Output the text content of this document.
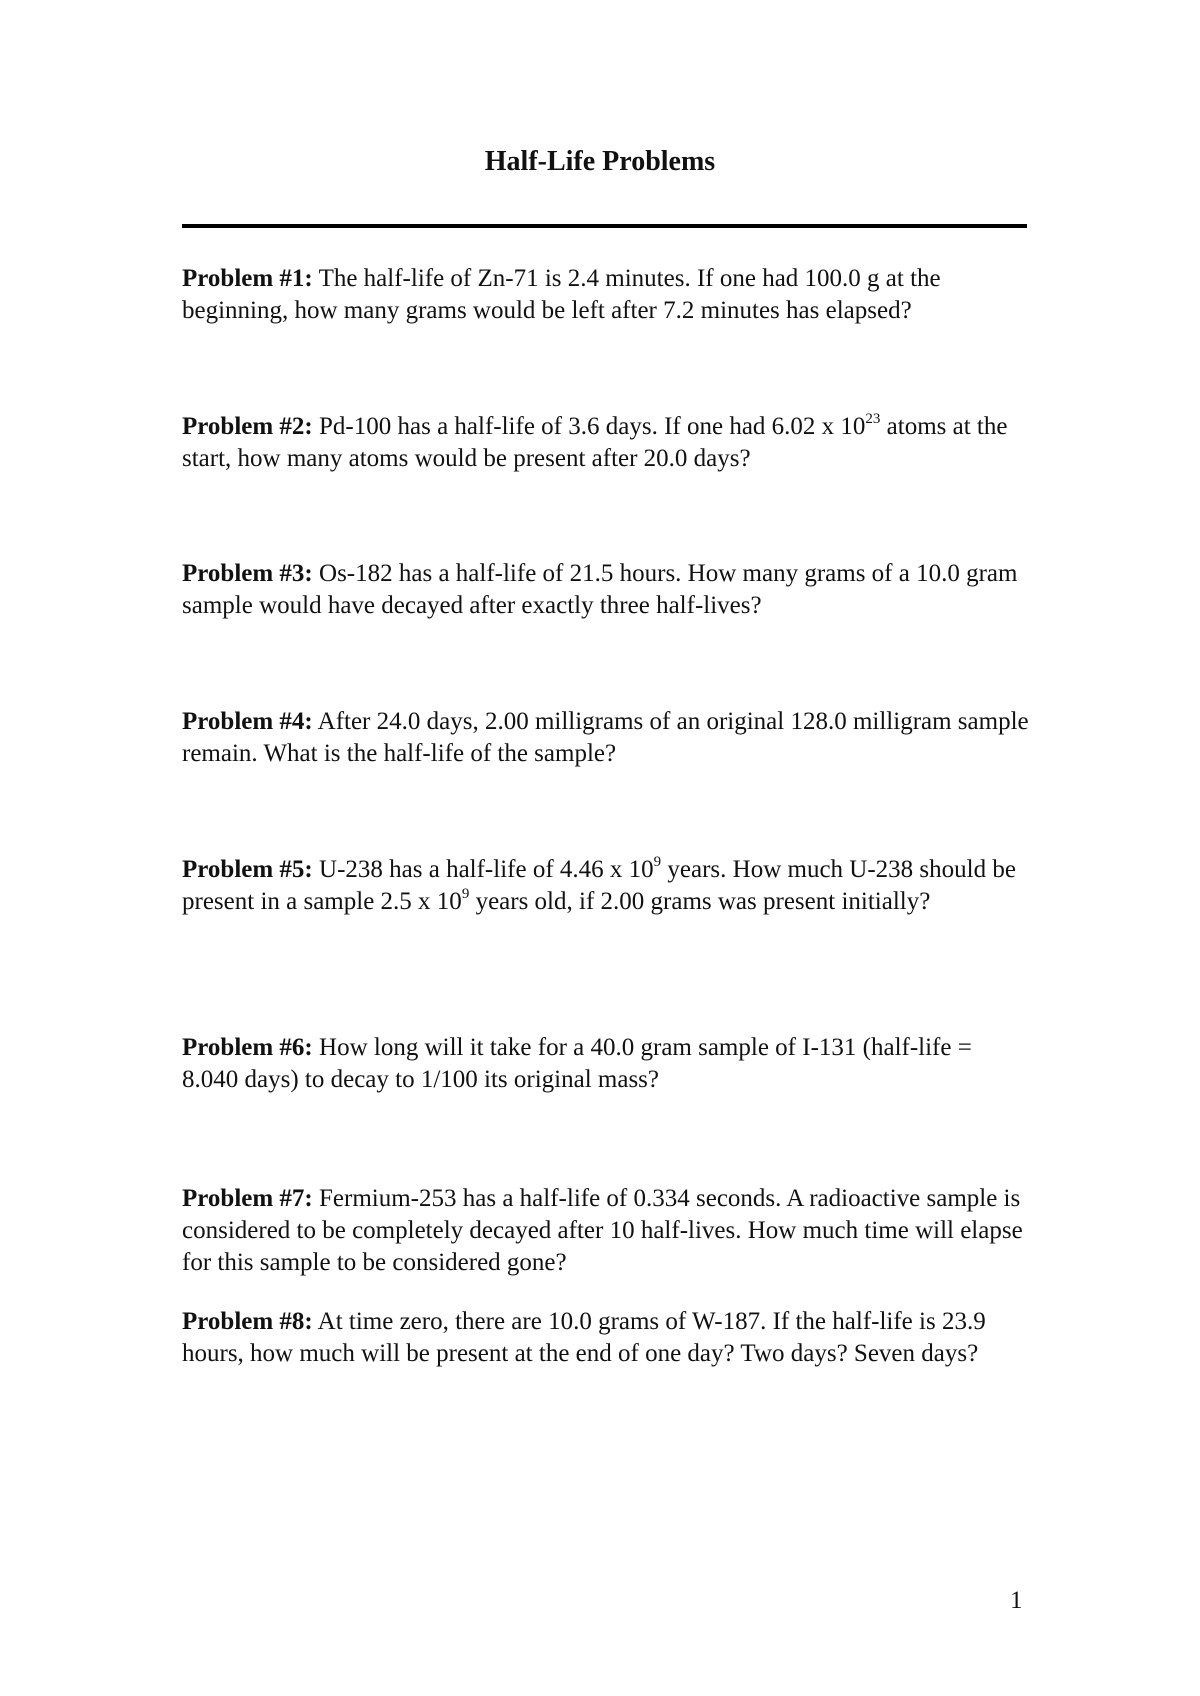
Half-Life Problems

Problem #1: The half-life of Zn-71 is 2.4 minutes. If one had 100.0 g at the beginning, how many grams would be left after 7.2 minutes has elapsed?

Problem #2: Pd-100 has a half-life of 3.6 days. If one had 6.02 x $10^{23}$ atoms at the start, how many atoms would be present after 20.0 days?

Problem #3: Os-182 has a half-life of 21.5 hours. How many grams of a 10.0 gram sample would have decayed after exactly three half-lives?

Problem #4: After 24.0 days, 2.00 milligrams of an original 128.0 milligram sample remain. What is the half-life of the sample?

Problem #5: U-238 has a half-life of 4.46 x $10^9$ years. How much U-238 should be present in a sample 2.5 x $10^9$ years old, if 2.00 grams was present initially?

Problem #6: How long will it take for a 40.0 gram sample of I-131 (half-life = 8.040 days) to decay to 1/100 its original mass?

Problem #7: Fermium-253 has a half-life of 0.334 seconds. A radioactive sample is considered to be completely decayed after 10 half-lives. How much time will elapse for this sample to be considered gone?

Problem #8: At time zero, there are 10.0 grams of W-187. If the half-life is 23.9 hours, how much will be present at the end of one day? Two days? Seven days?

1
